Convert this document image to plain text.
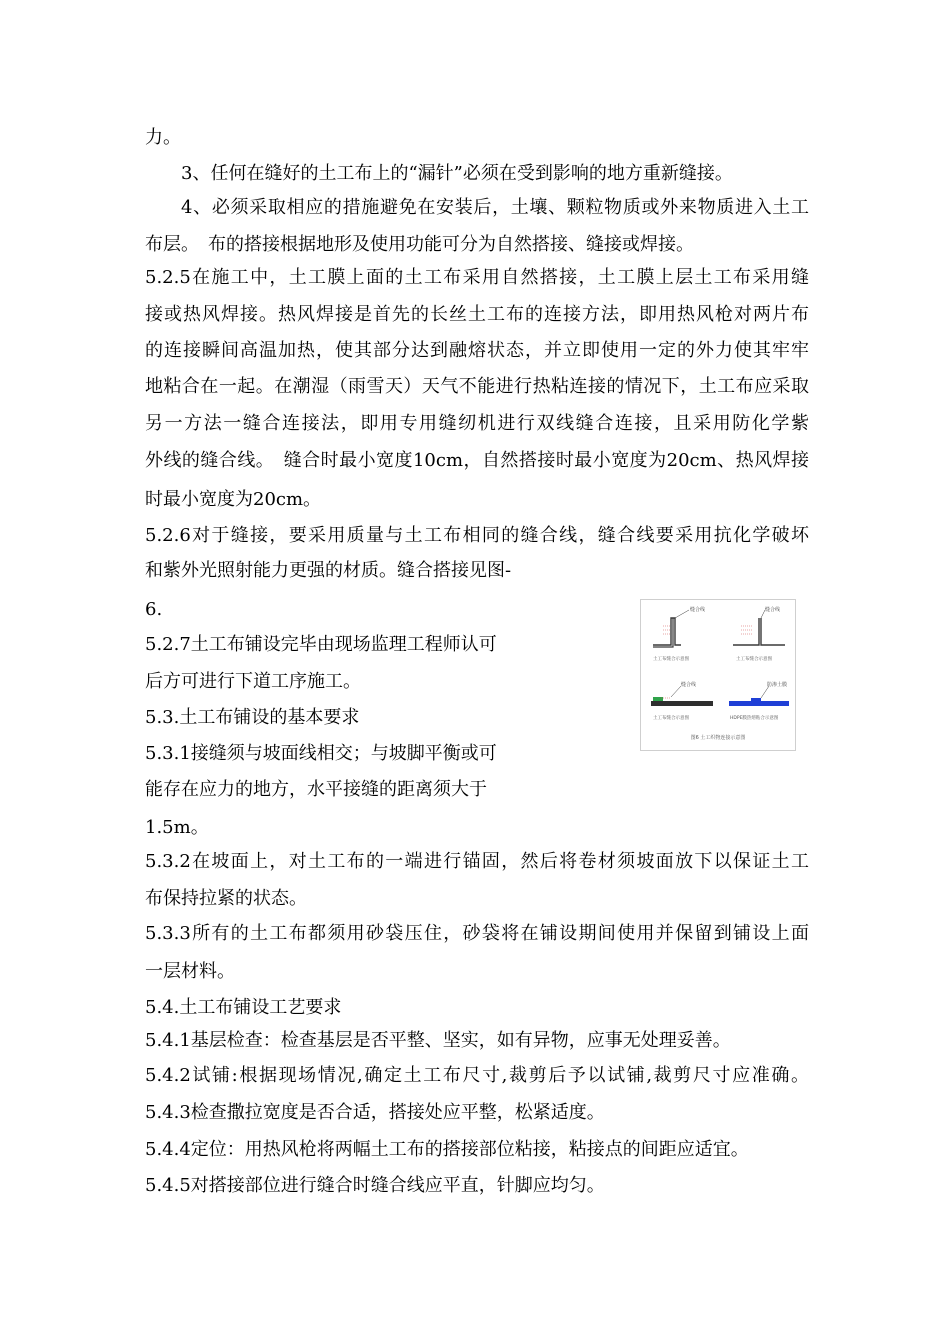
力。
3、任何在缝好的土工布上的“漏针”必须在受到影响的地方重新缝接。
4、必须采取相应的措施避免在安装后，土壤、颗粒物质或外来物质进入土工
布层。　布的搭接根据地形及使用功能可分为自然搭接、缝接或焊接。
5.2.5在施工中，土工膜上面的土工布采用自然搭接，土工膜上层土工布采用缝
接或热风焊接。热风焊接是首先的长丝土工布的连接方法，即用热风枪对两片布
的连接瞬间高温加热，使其部分达到融熔状态，并立即使用一定的外力使其牢牢
地粘合在一起。在潮湿（雨雪天）天气不能进行热粘连接的情况下，土工布应采取
另一方法一缝合连接法，即用专用缝纫机进行双线缝合连接，且采用防化学紫
外线的缝合线。　缝合时最小宽度10cm，自然搭接时最小宽度为20cm、热风焊接
时最小宽度为20cm。
5.2.6对于缝接，要采用质量与土工布相同的缝合线，缝合线要采用抗化学破坏
和紫外光照射能力更强的材质。缝合搭接见图-
6.
5.2.7土工布铺设完毕由现场监理工程师认可
后方可进行下道工序施工。
5.3.土工布铺设的基本要求
5.3.1接缝须与坡面线相交；与坡脚平衡或可
能存在应力的地方，水平接缝的距离须大于
1.5m。
5.3.2在坡面上，对土工布的一端进行锚固，然后将卷材须坡面放下以保证土工
布保持拉紧的状态。
5.3.3所有的土工布都须用砂袋压住，砂袋将在铺设期间使用并保留到铺设上面
一层材料。
5.4.土工布铺设工艺要求
5.4.1基层检查：检查基层是否平整、坚实，如有异物，应事无处理妥善。
5.4.2试铺:根据现场情况,确定土工布尺寸,裁剪后予以试铺,裁剪尺寸应准确。
5.4.3检查撒拉宽度是否合适，搭接处应平整，松紧适度。
5.4.4定位：用热风枪将两幅土工布的搭接部位粘接，粘接点的间距应适宜。
5.4.5对搭接部位进行缝合时缝合线应平直，针脚应均匀。
缝合线
土工布缝合示意图
缝合线
土工布缝合示意图
缝合线
土工布缝合示意图
防渗土膜
HDPE膜热熔粘合示意图
图6 土工织物连接示意图
